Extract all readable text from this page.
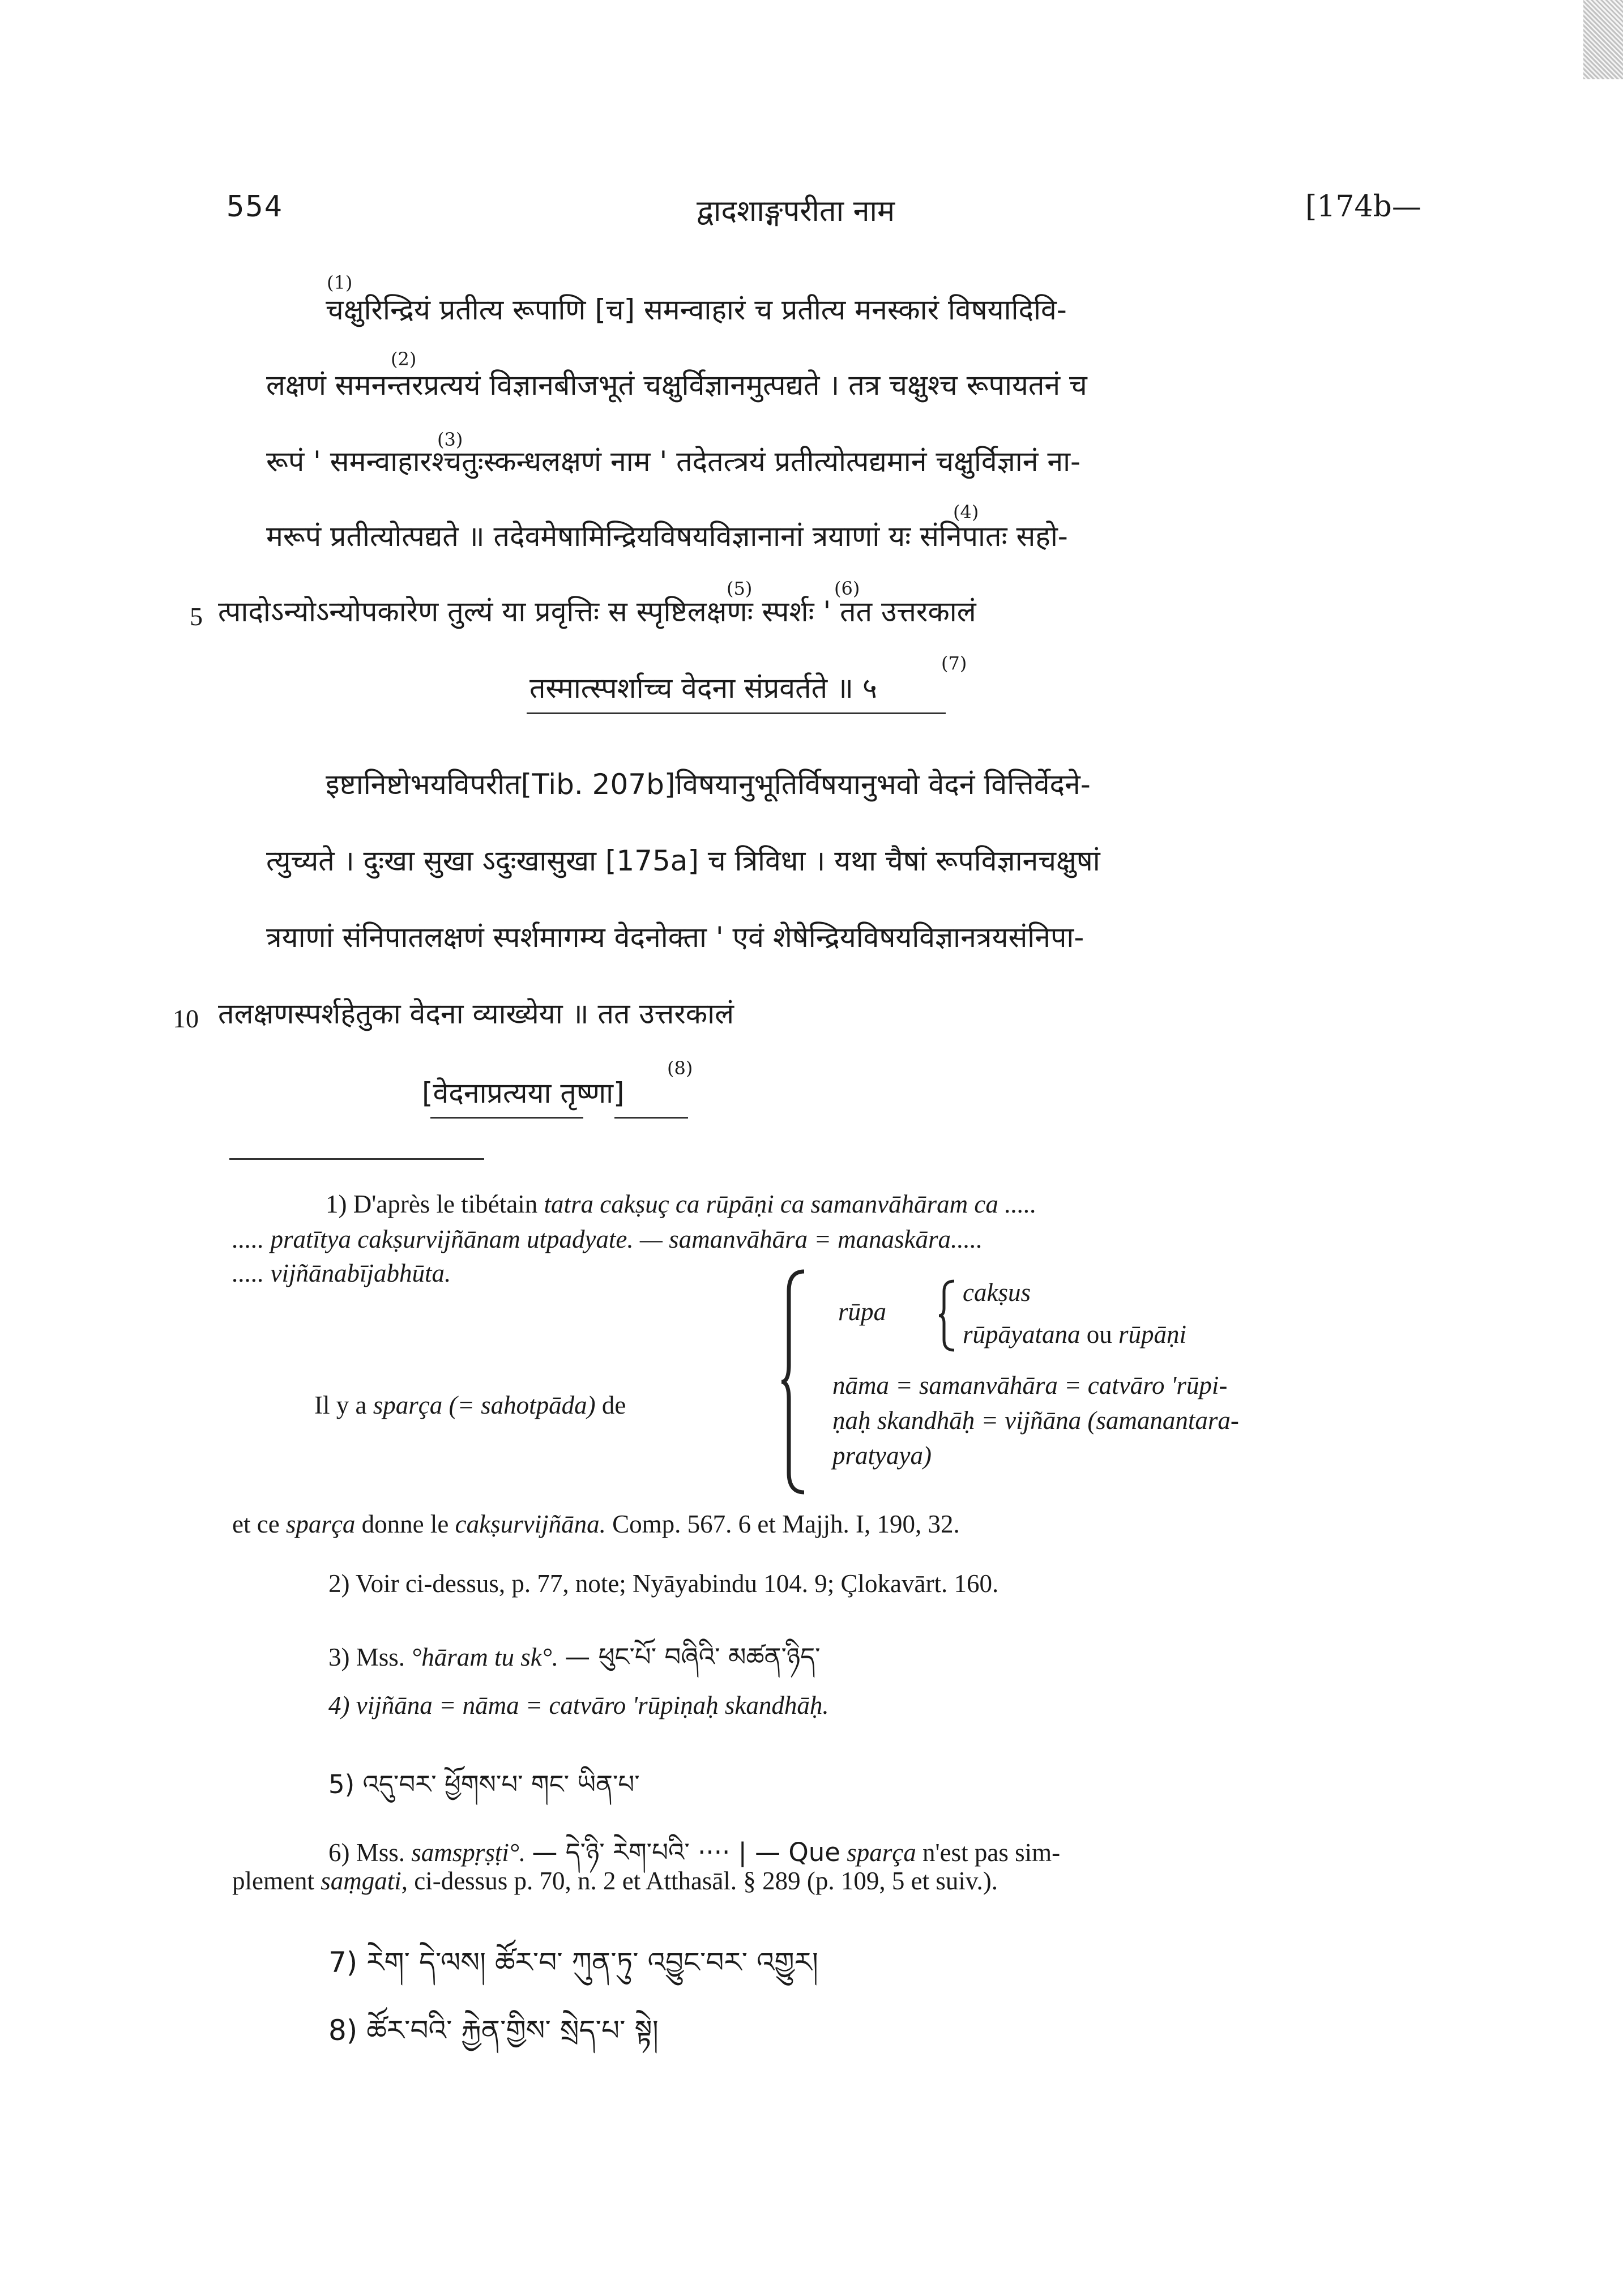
554	द्वादशाङ्गपरीता नाम	[174b—
(1)
(2)
(3)
(4)
(5)	(6)
(7)
(8)
चक्षुरिन्द्रियं प्रतीत्य रूपाणि [च] समन्वाहारं च प्रतीत्य मनस्कारं विषयादिवि-
लक्षणं समनन्तरप्रत्ययं विज्ञानबीजभूतं चक्षुर्विज्ञानमुत्पद्यते । तत्र चक्षुश्च रूपायतनं च
रूपं ' समन्वाहारश्चतुःस्कन्धलक्षणं नाम ' तदेतत्त्रयं प्रतीत्योत्पद्यमानं चक्षुर्विज्ञानं ना-
मरूपं प्रतीत्योत्पद्यते ॥ तदेवमेषामिन्द्रियविषयविज्ञानानां त्रयाणां यः संनिपातः सहो-
5 त्पादोऽन्योऽन्योपकारेण तुल्यं या प्रवृत्तिः स स्पृष्टिलक्षणः स्पर्शः ' तत उत्तरकालं
तस्मात्स्पर्शाच्च वेदना संप्रवर्तते ॥ ५
इष्टानिष्टोभयविपरीत[Tib. 207b]विषयानुभूतिर्विषयानुभवो वेदनं वित्तिर्वेदने-
त्युच्यते । दुःखा सुखा ऽदुःखासुखा [175a] च त्रिविधा । यथा चैषां रूपविज्ञानचक्षुषां
त्रयाणां संनिपातलक्षणं स्पर्शमागम्य वेदनोक्ता ' एवं शेषेन्द्रियविषयविज्ञानत्रयसंनिपा-
10 तलक्षणस्पर्शहेतुका वेदना व्याख्येया ॥ तत उत्तरकालं
[वेदनाप्रत्यया तृष्णा]
1) D'après le tibétain tatra cakṣuç ca rūpāṇi ca samanvāhāram ca .....
..... pratītya cakṣurvijñānam utpadyate. — samanvāhāra = manaskāra.....
..... vijñānabījabhūta.
Il y a sparça (= sahotpāda) de
rūpa
cakṣus
rūpāyatana ou rūpāṇi
nāma = samanvāhāra = catvāro 'rūpi-
ṇaḥ skandhāḥ = vijñāna (samanantara-
pratyaya)
et ce sparça donne le cakṣurvijñāna. Comp. 567. 6 et Majjh. I, 190, 32.
2) Voir ci-dessus, p. 77, note; Nyāyabindu 104. 9; Çlokavārt. 160.
3) Mss. °hāram tu sk°. — ཕུང་པོ་ བཞིའི་ མཚན་ཉིད་
4) vijñāna = nāma = catvāro 'rūpiṇaḥ skandhāḥ.
5) འདུ་བར་ ཕྱོགས་པ་ གང་ ཡིན་པ་
6) Mss. samspṛṣṭi°. — དེ་ཉི་ རེག་པའི་ ···· | — Que sparça n'est pas sim-
plement saṃgati, ci-dessus p. 70, n. 2 et Atthasāl. § 289 (p. 109, 5 et suiv.).
7) རེག་ དེ་ལས། ཚོར་བ་ ཀུན་ཏུ་ འབྱུང་བར་ འགྱུར།
8) ཚོར་བའི་ རྐྱེན་གྱིས་ སྲེད་པ་ སྟེ།
